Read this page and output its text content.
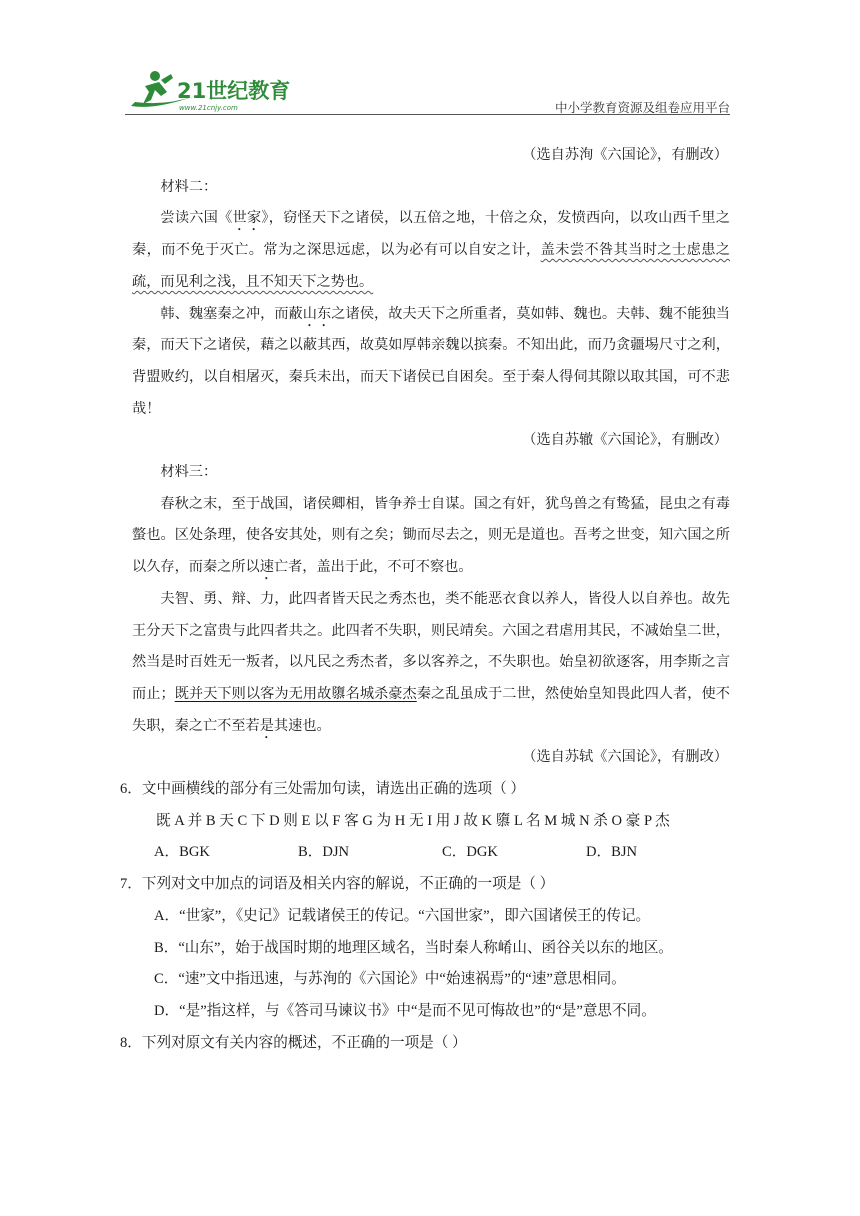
21世纪教育
www.21cnjy.com	中小学教育资源及组卷应用平台

（选自苏洵《六国论》，有删改）

材料二：

尝读六国《世家》，窃怪天下之诸侯，以五倍之地，十倍之众，发愤西向，以攻山西千里之秦，而不免于灭亡。常为之深思远虑，以为必有可以自安之计，盖未尝不咎其当时之士虑患之疏，而见利之浅，且不知天下之势也。

韩、魏塞秦之冲，而蔽山东之诸侯，故夫天下之所重者，莫如韩、魏也。夫韩、魏不能独当秦，而天下之诸侯，藉之以蔽其西，故莫如厚韩亲魏以摈秦。不知出此，而乃贪疆埸尺寸之利，背盟败约，以自相屠灭，秦兵未出，而天下诸侯已自困矣。至于秦人得伺其隙以取其国，可不悲哉！

（选自苏辙《六国论》，有删改）

材料三：

春秋之末，至于战国，诸侯卿相，皆争养士自谋。国之有奸，犹鸟兽之有鸷猛，昆虫之有毒螫也。区处条理，使各安其处，则有之矣；锄而尽去之，则无是道也。吾考之世变，知六国之所以久存，而秦之所以速亡者，盖出于此，不可不察也。

夫智、勇、辩、力，此四者皆天民之秀杰也，类不能恶衣食以养人，皆役人以自养也。故先王分天下之富贵与此四者共之。此四者不失职，则民靖矣。六国之君虐用其民，不减始皇二世，然当是时百姓无一叛者，以凡民之秀杰者，多以客养之，不失职也。始皇初欲逐客，用李斯之言而止；既并天下则以客为无用故隳名城杀豪杰秦之乱虽成于二世，然使始皇知畏此四人者，使不失职，秦之亡不至若是其速也。

（选自苏轼《六国论》，有删改）

6．文中画横线的部分有三处需加句读，请选出正确的选项（ ）

既 A 并 B 天 C 下 D 则 E 以 F 客 G 为 H 无 I 用 J 故 K 隳 L 名 M 城 N 杀 O 豪 P 杰

A．BGK	B．DJN	C．DGK	D．BJN

7．下列对文中加点的词语及相关内容的解说，不正确的一项是（ ）

A．“世家”，《史记》记载诸侯王的传记。“六国世家”，即六国诸侯王的传记。

B．“山东”，始于战国时期的地理区域名，当时秦人称崤山、函谷关以东的地区。

C．“速”文中指迅速，与苏洵的《六国论》中“始速祸焉”的“速”意思相同。

D．“是”指这样，与《答司马谏议书》中“是而不见可悔故也”的“是”意思不同。

8．下列对原文有关内容的概述，不正确的一项是（ ）
